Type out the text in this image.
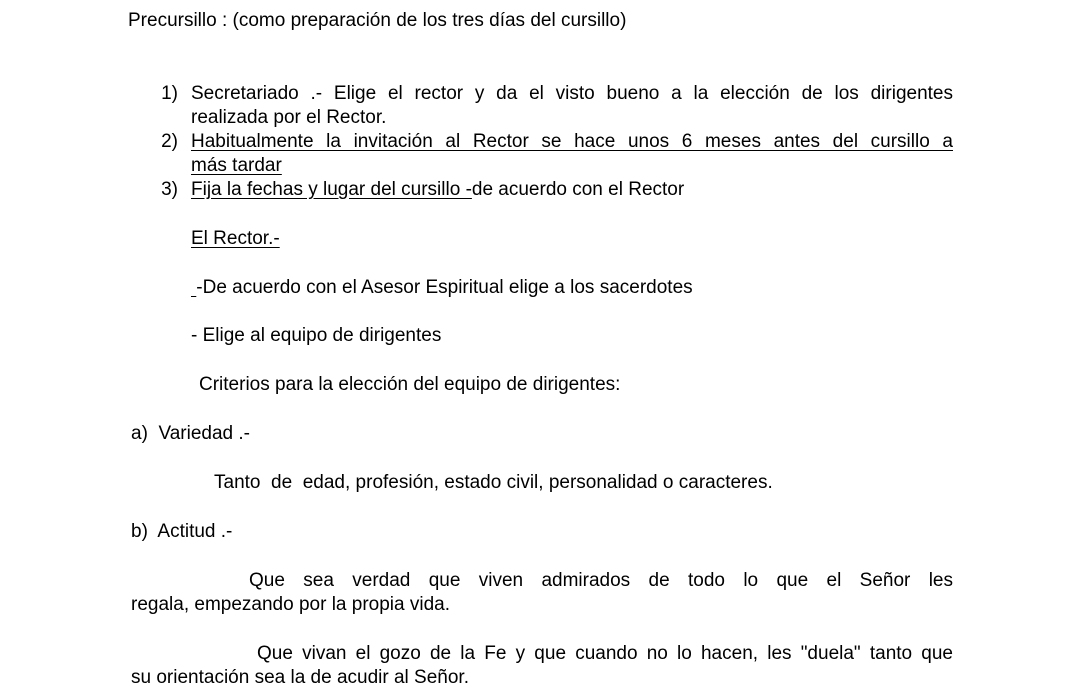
Precursillo : (como preparación de los tres días del cursillo)
1) Secretariado .- Elige el rector y da el visto bueno a la elección de los dirigentes
realizada por el Rector.
2) Habitualmente la invitación al Rector se hace unos 6 meses antes del cursillo a
más tardar
3) Fija la fechas y lugar del cursillo -de acuerdo con el Rector
El Rector.-
-De acuerdo con el Asesor Espiritual elige a los sacerdotes
- Elige al equipo de dirigentes
Criterios para la elección del equipo de dirigentes:
a)  Variedad .-
Tanto  de  edad, profesión, estado civil, personalidad o caracteres.
b)  Actitud .-
Que sea verdad que viven admirados de todo lo que el Señor les
regala, empezando por la propia vida.
Que vivan el gozo de la Fe y que cuando no lo hacen, les "duela" tanto que
su orientación sea la de acudir al Señor.
